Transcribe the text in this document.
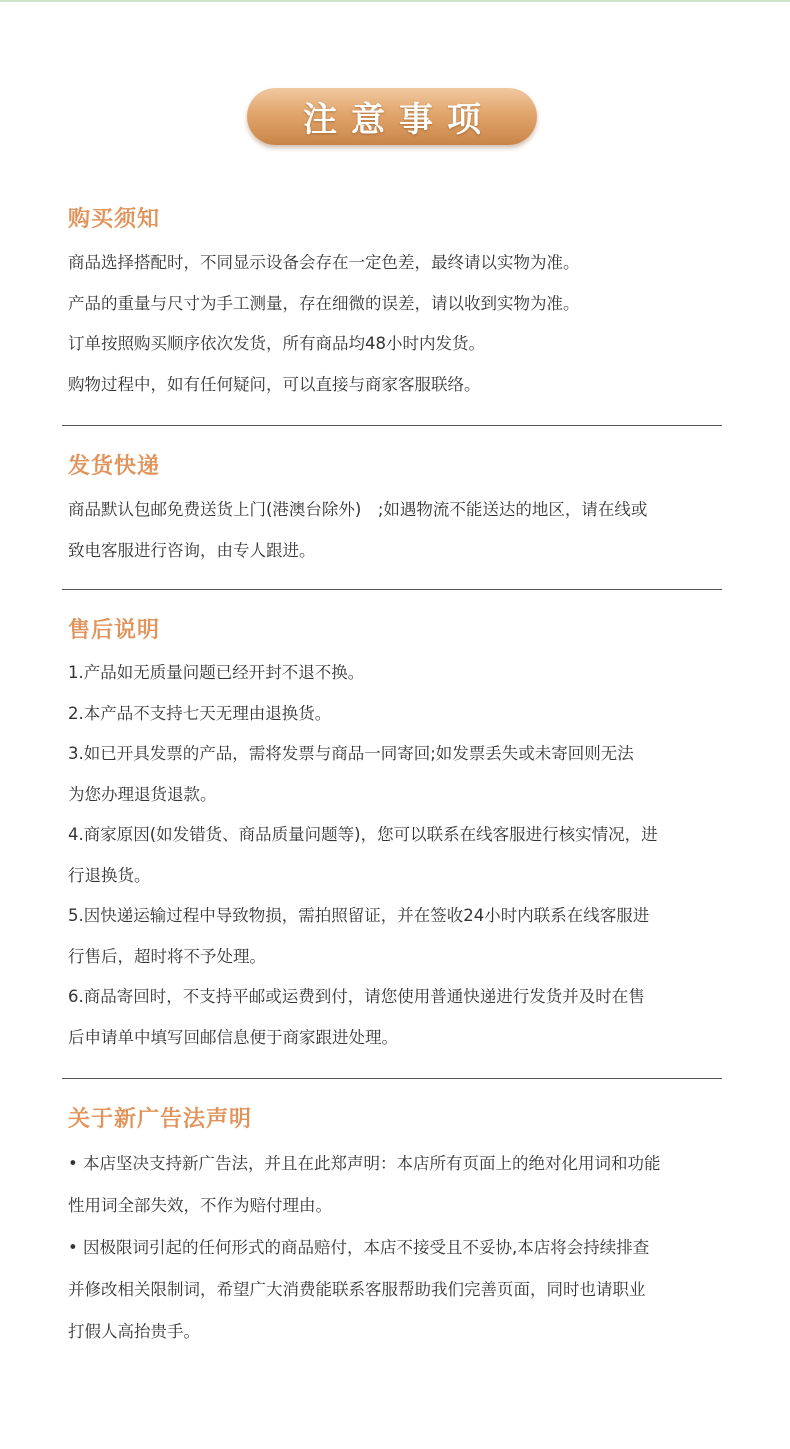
注意事项
购买须知
商品选择搭配时，不同显示设备会存在一定色差，最终请以实物为准。
产品的重量与尺寸为手工测量，存在细微的误差，请以收到实物为准。
订单按照购买顺序依次发货，所有商品均48小时内发货。
购物过程中，如有任何疑问，可以直接与商家客服联络。
发货快递
商品默认包邮免费送货上门(港澳台除外)　;如遇物流不能送达的地区，请在线或
致电客服进行咨询，由专人跟进。
售后说明
1.产品如无质量问题已经开封不退不换。
2.本产品不支持七天无理由退换货。
3.如已开具发票的产品，需将发票与商品一同寄回;如发票丢失或未寄回则无法
为您办理退货退款。
4.商家原因(如发错货、商品质量问题等)，您可以联系在线客服进行核实情况，进
行退换货。
5.因快递运输过程中导致物损，需拍照留证，并在签收24小时内联系在线客服进
行售后，超时将不予处理。
6.商品寄回时，不支持平邮或运费到付，请您使用普通快递进行发货并及时在售
后申请单中填写回邮信息便于商家跟进处理。
关于新广告法声明
• 本店坚决支持新广告法，并且在此郑声明：本店所有页面上的绝对化用词和功能
性用词全部失效，不作为赔付理由。
• 因极限词引起的任何形式的商品赔付，本店不接受且不妥协,本店将会持续排查
并修改相关限制词，希望广大消费能联系客服帮助我们完善页面，同时也请职业
打假人高抬贵手。
